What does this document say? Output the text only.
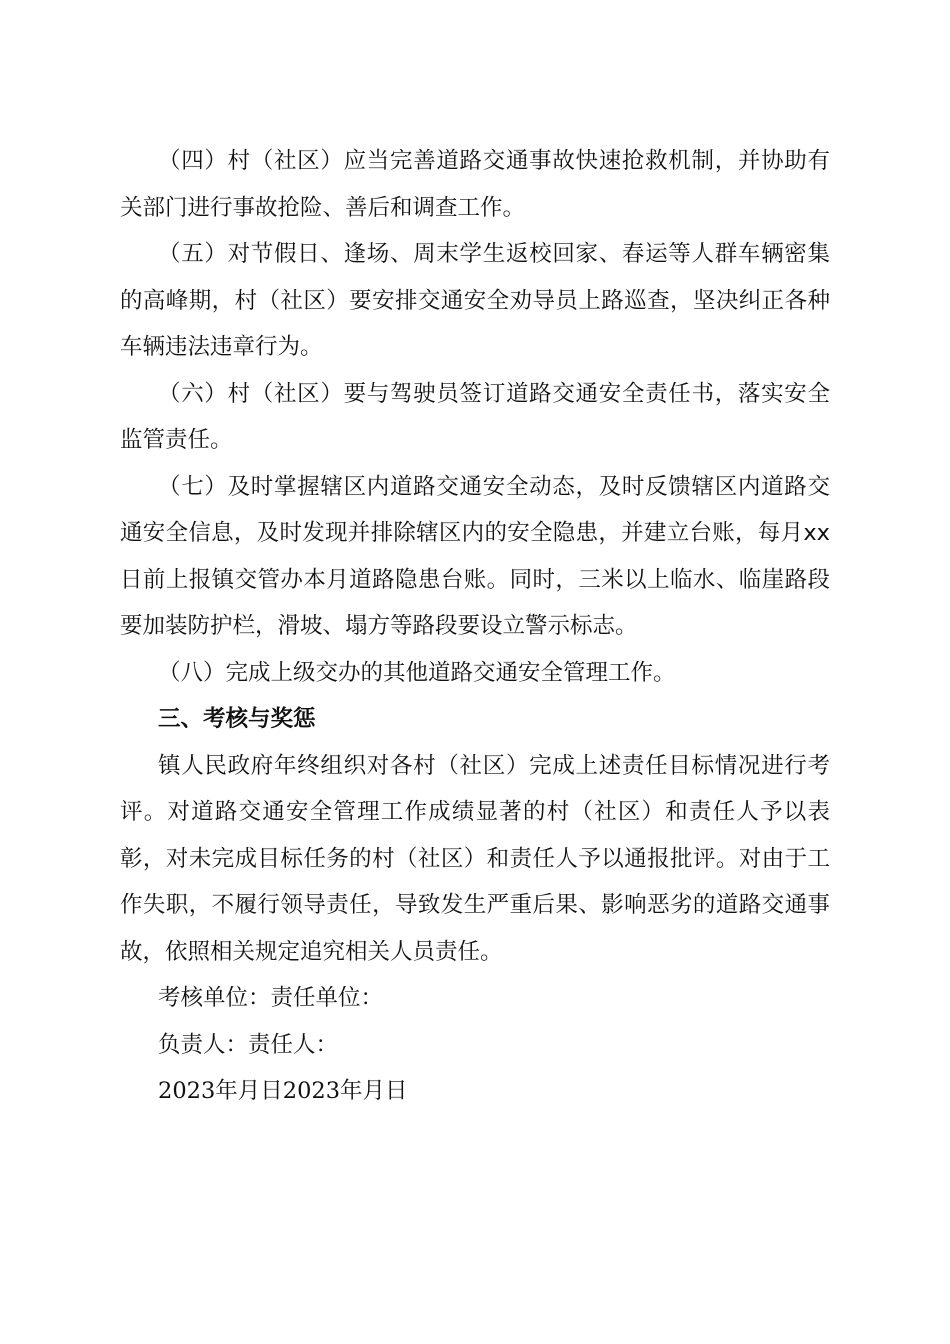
（四）村（社区）应当完善道路交通事故快速抢救机制，并协助有关部门进行事故抢险、善后和调查工作。

（五）对节假日、逢场、周末学生返校回家、春运等人群车辆密集的高峰期，村（社区）要安排交通安全劝导员上路巡查，坚决纠正各种车辆违法违章行为。

（六）村（社区）要与驾驶员签订道路交通安全责任书，落实安全监管责任。

（七）及时掌握辖区内道路交通安全动态，及时反馈辖区内道路交通安全信息，及时发现并排除辖区内的安全隐患，并建立台账，每月xx日前上报镇交管办本月道路隐患台账。同时，三米以上临水、临崖路段要加装防护栏，滑坡、塌方等路段要设立警示标志。

（八）完成上级交办的其他道路交通安全管理工作。

三、考核与奖惩

镇人民政府年终组织对各村（社区）完成上述责任目标情况进行考评。对道路交通安全管理工作成绩显著的村（社区）和责任人予以表彰，对未完成目标任务的村（社区）和责任人予以通报批评。对由于工作失职，不履行领导责任，导致发生严重后果、影响恶劣的道路交通事故，依照相关规定追究相关人员责任。

考核单位：责任单位：

负责人：责任人：

2023年月日2023年月日
